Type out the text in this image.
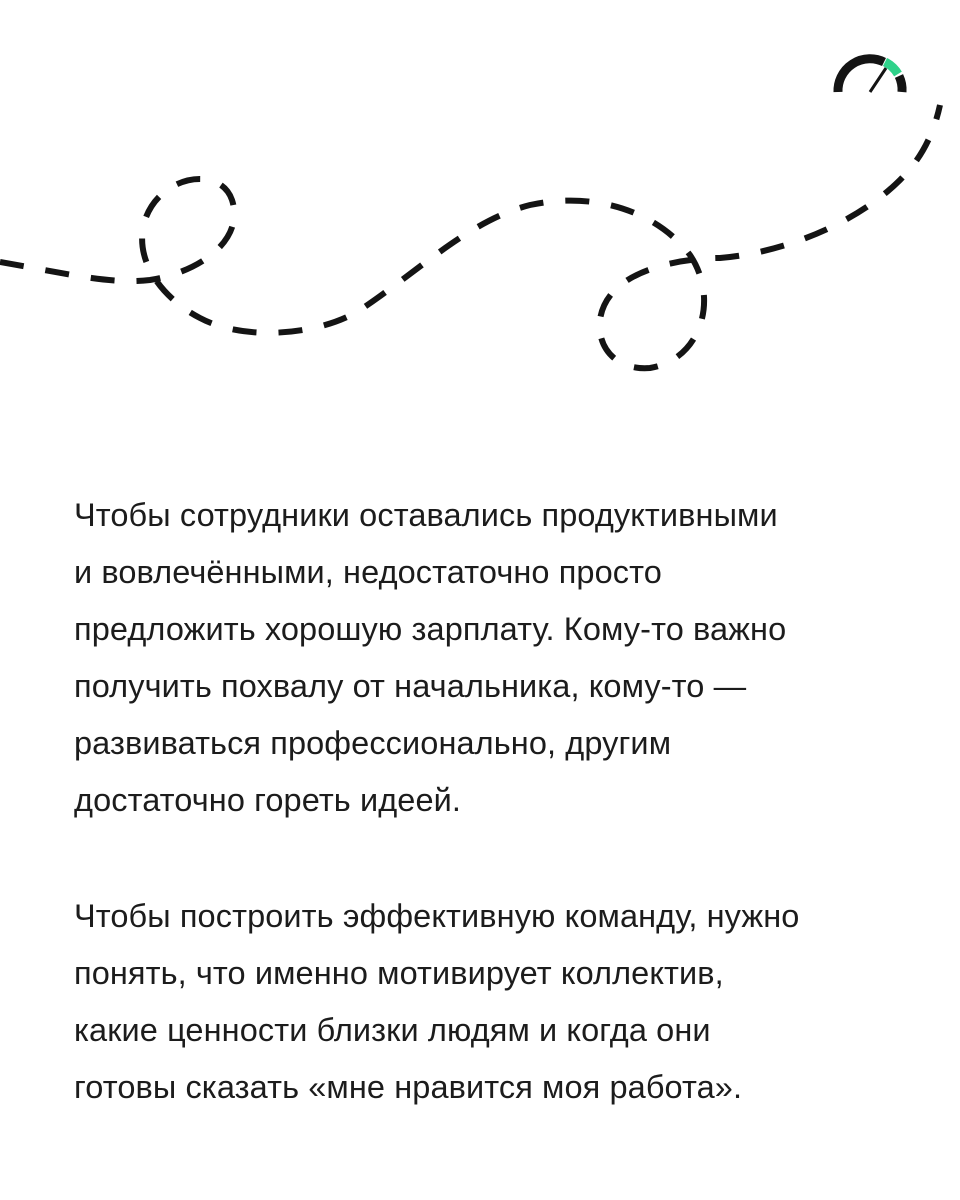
Чтобы сотрудники оставались продуктивными
и вовлечёнными, недостаточно просто
предложить хорошую зарплату. Кому-то важно
получить похвалу от начальника, кому-то —
развиваться профессионально, другим
достаточно гореть идеей.

Чтобы построить эффективную команду, нужно
понять, что именно мотивирует коллектив,
какие ценности близки людям и когда они
готовы сказать «мне нравится моя работа».
